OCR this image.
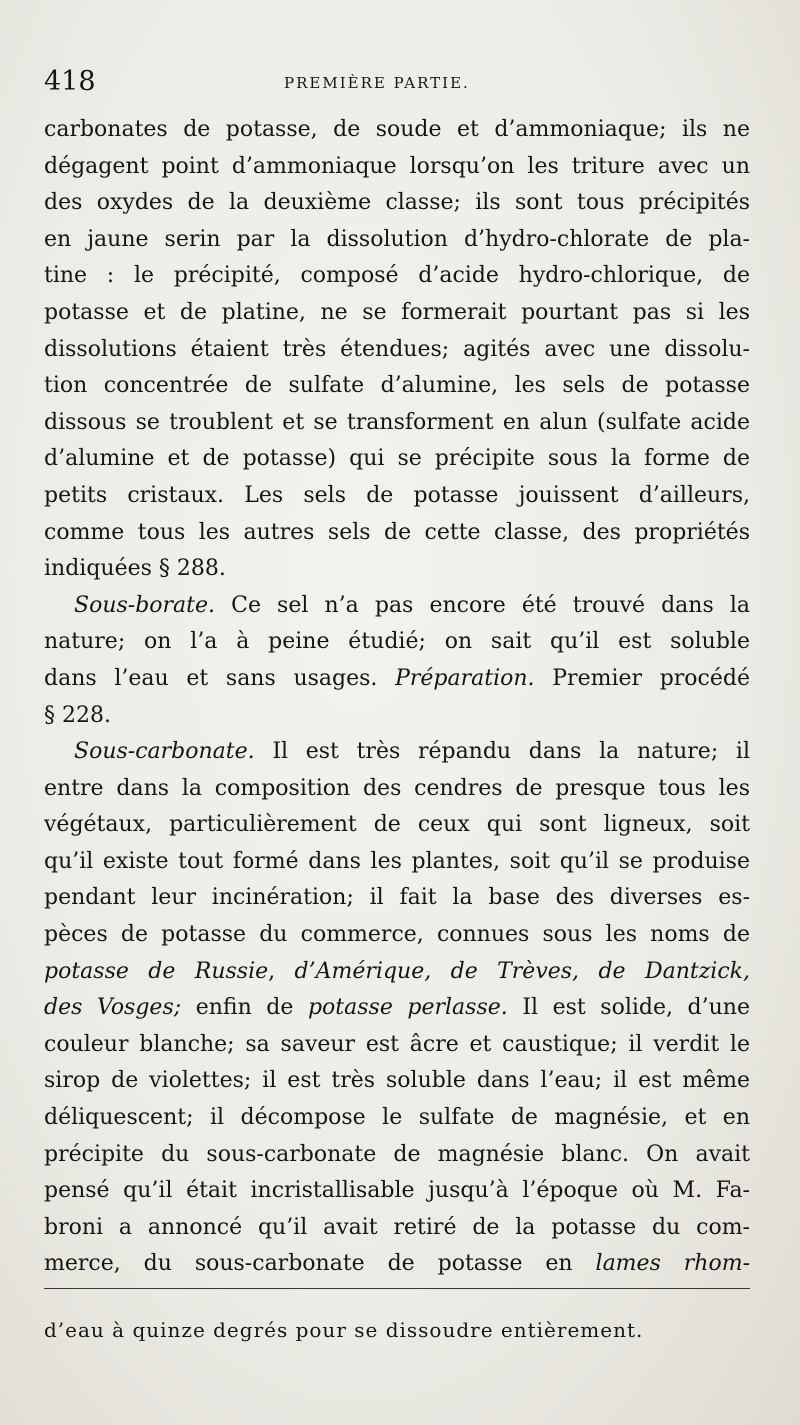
418	PREMIÈRE PARTIE.
carbonates de potasse, de soude et d’ammoniaque; ils ne
dégagent point d’ammoniaque lorsqu’on les triture avec un
des oxydes de la deuxième classe; ils sont tous précipités
en jaune serin par la dissolution d’hydro-chlorate de pla-
tine : le précipité, composé d’acide hydro-chlorique, de
potasse et de platine, ne se formerait pourtant pas si les
dissolutions étaient très étendues; agités avec une dissolu-
tion concentrée de sulfate d’alumine, les sels de potasse
dissous se troublent et se transforment en alun (sulfate acide
d’alumine et de potasse) qui se précipite sous la forme de
petits cristaux. Les sels de potasse jouissent d’ailleurs,
comme tous les autres sels de cette classe, des propriétés
indiquées § 288.
Sous-borate. Ce sel n’a pas encore été trouvé dans la
nature; on l’a à peine étudié; on sait qu’il est soluble
dans l’eau et sans usages. Préparation. Premier procédé
§ 228.
Sous-carbonate. Il est très répandu dans la nature; il
entre dans la composition des cendres de presque tous les
végétaux, particulièrement de ceux qui sont ligneux, soit
qu’il existe tout formé dans les plantes, soit qu’il se produise
pendant leur incinération; il fait la base des diverses es-
pèces de potasse du commerce, connues sous les noms de
potasse de Russie, d’Amérique, de Trèves, de Dantzick,
des Vosges; enfin de potasse perlasse. Il est solide, d’une
couleur blanche; sa saveur est âcre et caustique; il verdit le
sirop de violettes; il est très soluble dans l’eau; il est même
déliquescent; il décompose le sulfate de magnésie, et en
précipite du sous-carbonate de magnésie blanc. On avait
pensé qu’il était incristallisable jusqu’à l’époque où M. Fa-
broni a annoncé qu’il avait retiré de la potasse du com-
merce, du sous-carbonate de potasse en lames rhom-
d’eau à quinze degrés pour se dissoudre entièrement.
